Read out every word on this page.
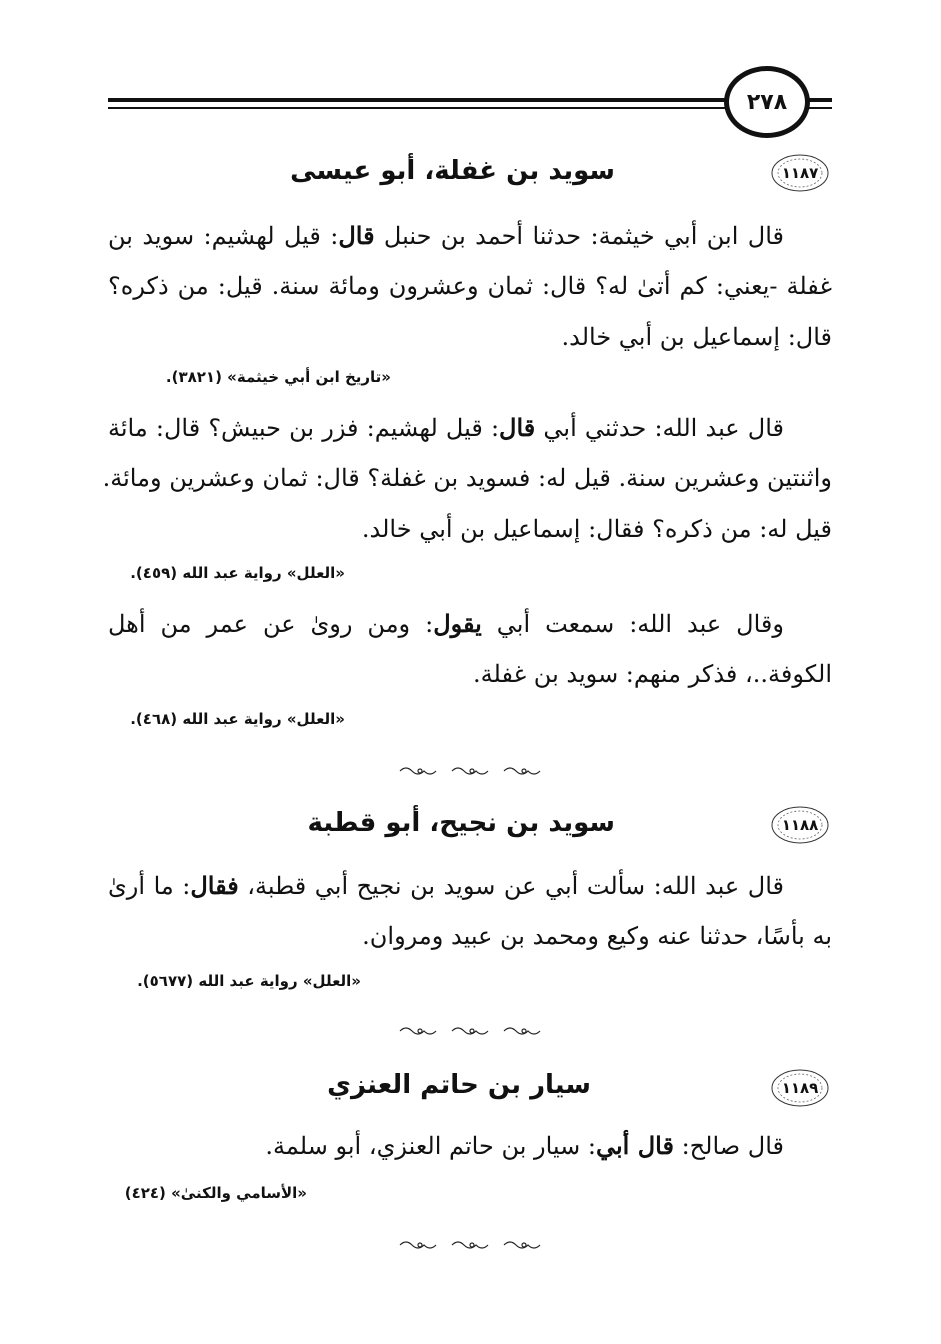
٢٧٨
١١٨٧
سويد بن غفلة، أبو عيسى
قال ابن أبي خيثمة: حدثنا أحمد بن حنبل قال: قيل لهشيم: سويد بن
غفلة -يعني: كم أتىٰ له؟ قال: ثمان وعشرون ومائة سنة. قيل: من ذكره؟
قال: إسماعيل بن أبي خالد.
«تاريخ ابن أبي خيثمة» (٣٨٢١).
قال عبد الله: حدثني أبي قال: قيل لهشيم: فزر بن حبيش؟ قال: مائة
واثنتين وعشرين سنة. قيل له: فسويد بن غفلة؟ قال: ثمان وعشرين ومائة.
قيل له: من ذكره؟ فقال: إسماعيل بن أبي خالد.
«العلل» رواية عبد الله (٤٥٩).
وقال عبد الله: سمعت أبي يقول: ومن روىٰ عن عمر من أهل
الكوفة..، فذكر منهم: سويد بن غفلة.
«العلل» رواية عبد الله (٤٦٨).
١١٨٨
سويد بن نجيح، أبو قطبة
قال عبد الله: سألت أبي عن سويد بن نجيح أبي قطبة، فقال: ما أرىٰ
به بأسًا، حدثنا عنه وكيع ومحمد بن عبيد ومروان.
«العلل» رواية عبد الله (٥٦٧٧).
١١٨٩
سيار بن حاتم العنزي
قال صالح: قال أبي: سيار بن حاتم العنزي، أبو سلمة.
«الأسامي والكنىٰ» (٤٢٤)
